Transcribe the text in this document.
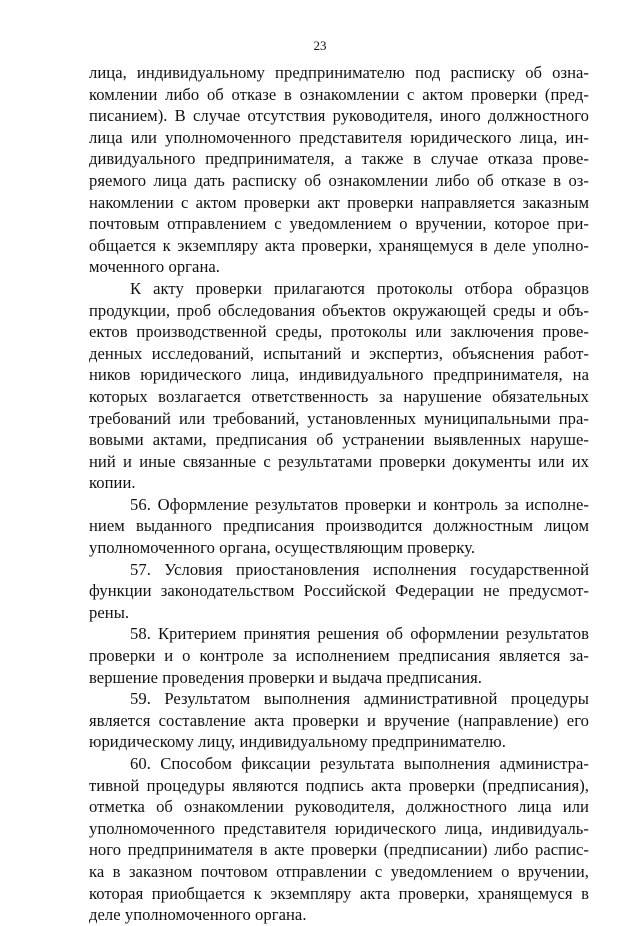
23
лица, индивидуальному предпринимателю под расписку об озна-
комлении либо об отказе в ознакомлении с актом проверки (пред-
писанием). В случае отсутствия руководителя, иного должностного
лица или уполномоченного представителя юридического лица, ин-
дивидуального предпринимателя, а также в случае отказа прове-
ряемого лица дать расписку об ознакомлении либо об отказе в оз-
накомлении с актом проверки акт проверки направляется заказным
почтовым отправлением с уведомлением о вручении, которое при-
общается к экземпляру акта проверки, хранящемуся в деле уполно-
моченного органа.
К акту проверки прилагаются протоколы отбора образцов
продукции, проб обследования объектов окружающей среды и объ-
ектов производственной среды, протоколы или заключения прове-
денных исследований, испытаний и экспертиз, объяснения работ-
ников юридического лица, индивидуального предпринимателя, на
которых возлагается ответственность за нарушение обязательных
требований или требований, установленных муниципальными пра-
вовыми актами, предписания об устранении выявленных наруше-
ний и иные связанные с результатами проверки документы или их
копии.
56. Оформление результатов проверки и контроль за исполне-
нием выданного предписания производится должностным лицом
уполномоченного органа, осуществляющим проверку.
57. Условия приостановления исполнения государственной
функции законодательством Российской Федерации не предусмот-
рены.
58. Критерием принятия решения об оформлении результатов
проверки и о контроле за исполнением предписания является за-
вершение проведения проверки и выдача предписания.
59. Результатом выполнения административной процедуры
является составление акта проверки и вручение (направление) его
юридическому лицу, индивидуальному предпринимателю.
60. Способом фиксации результата выполнения администра-
тивной процедуры являются подпись акта проверки (предписания),
отметка об ознакомлении руководителя, должностного лица или
уполномоченного представителя юридического лица, индивидуаль-
ного предпринимателя в акте проверки (предписании) либо распис-
ка в заказном почтовом отправлении с уведомлением о вручении,
которая приобщается к экземпляру акта проверки, хранящемуся в
деле уполномоченного органа.
